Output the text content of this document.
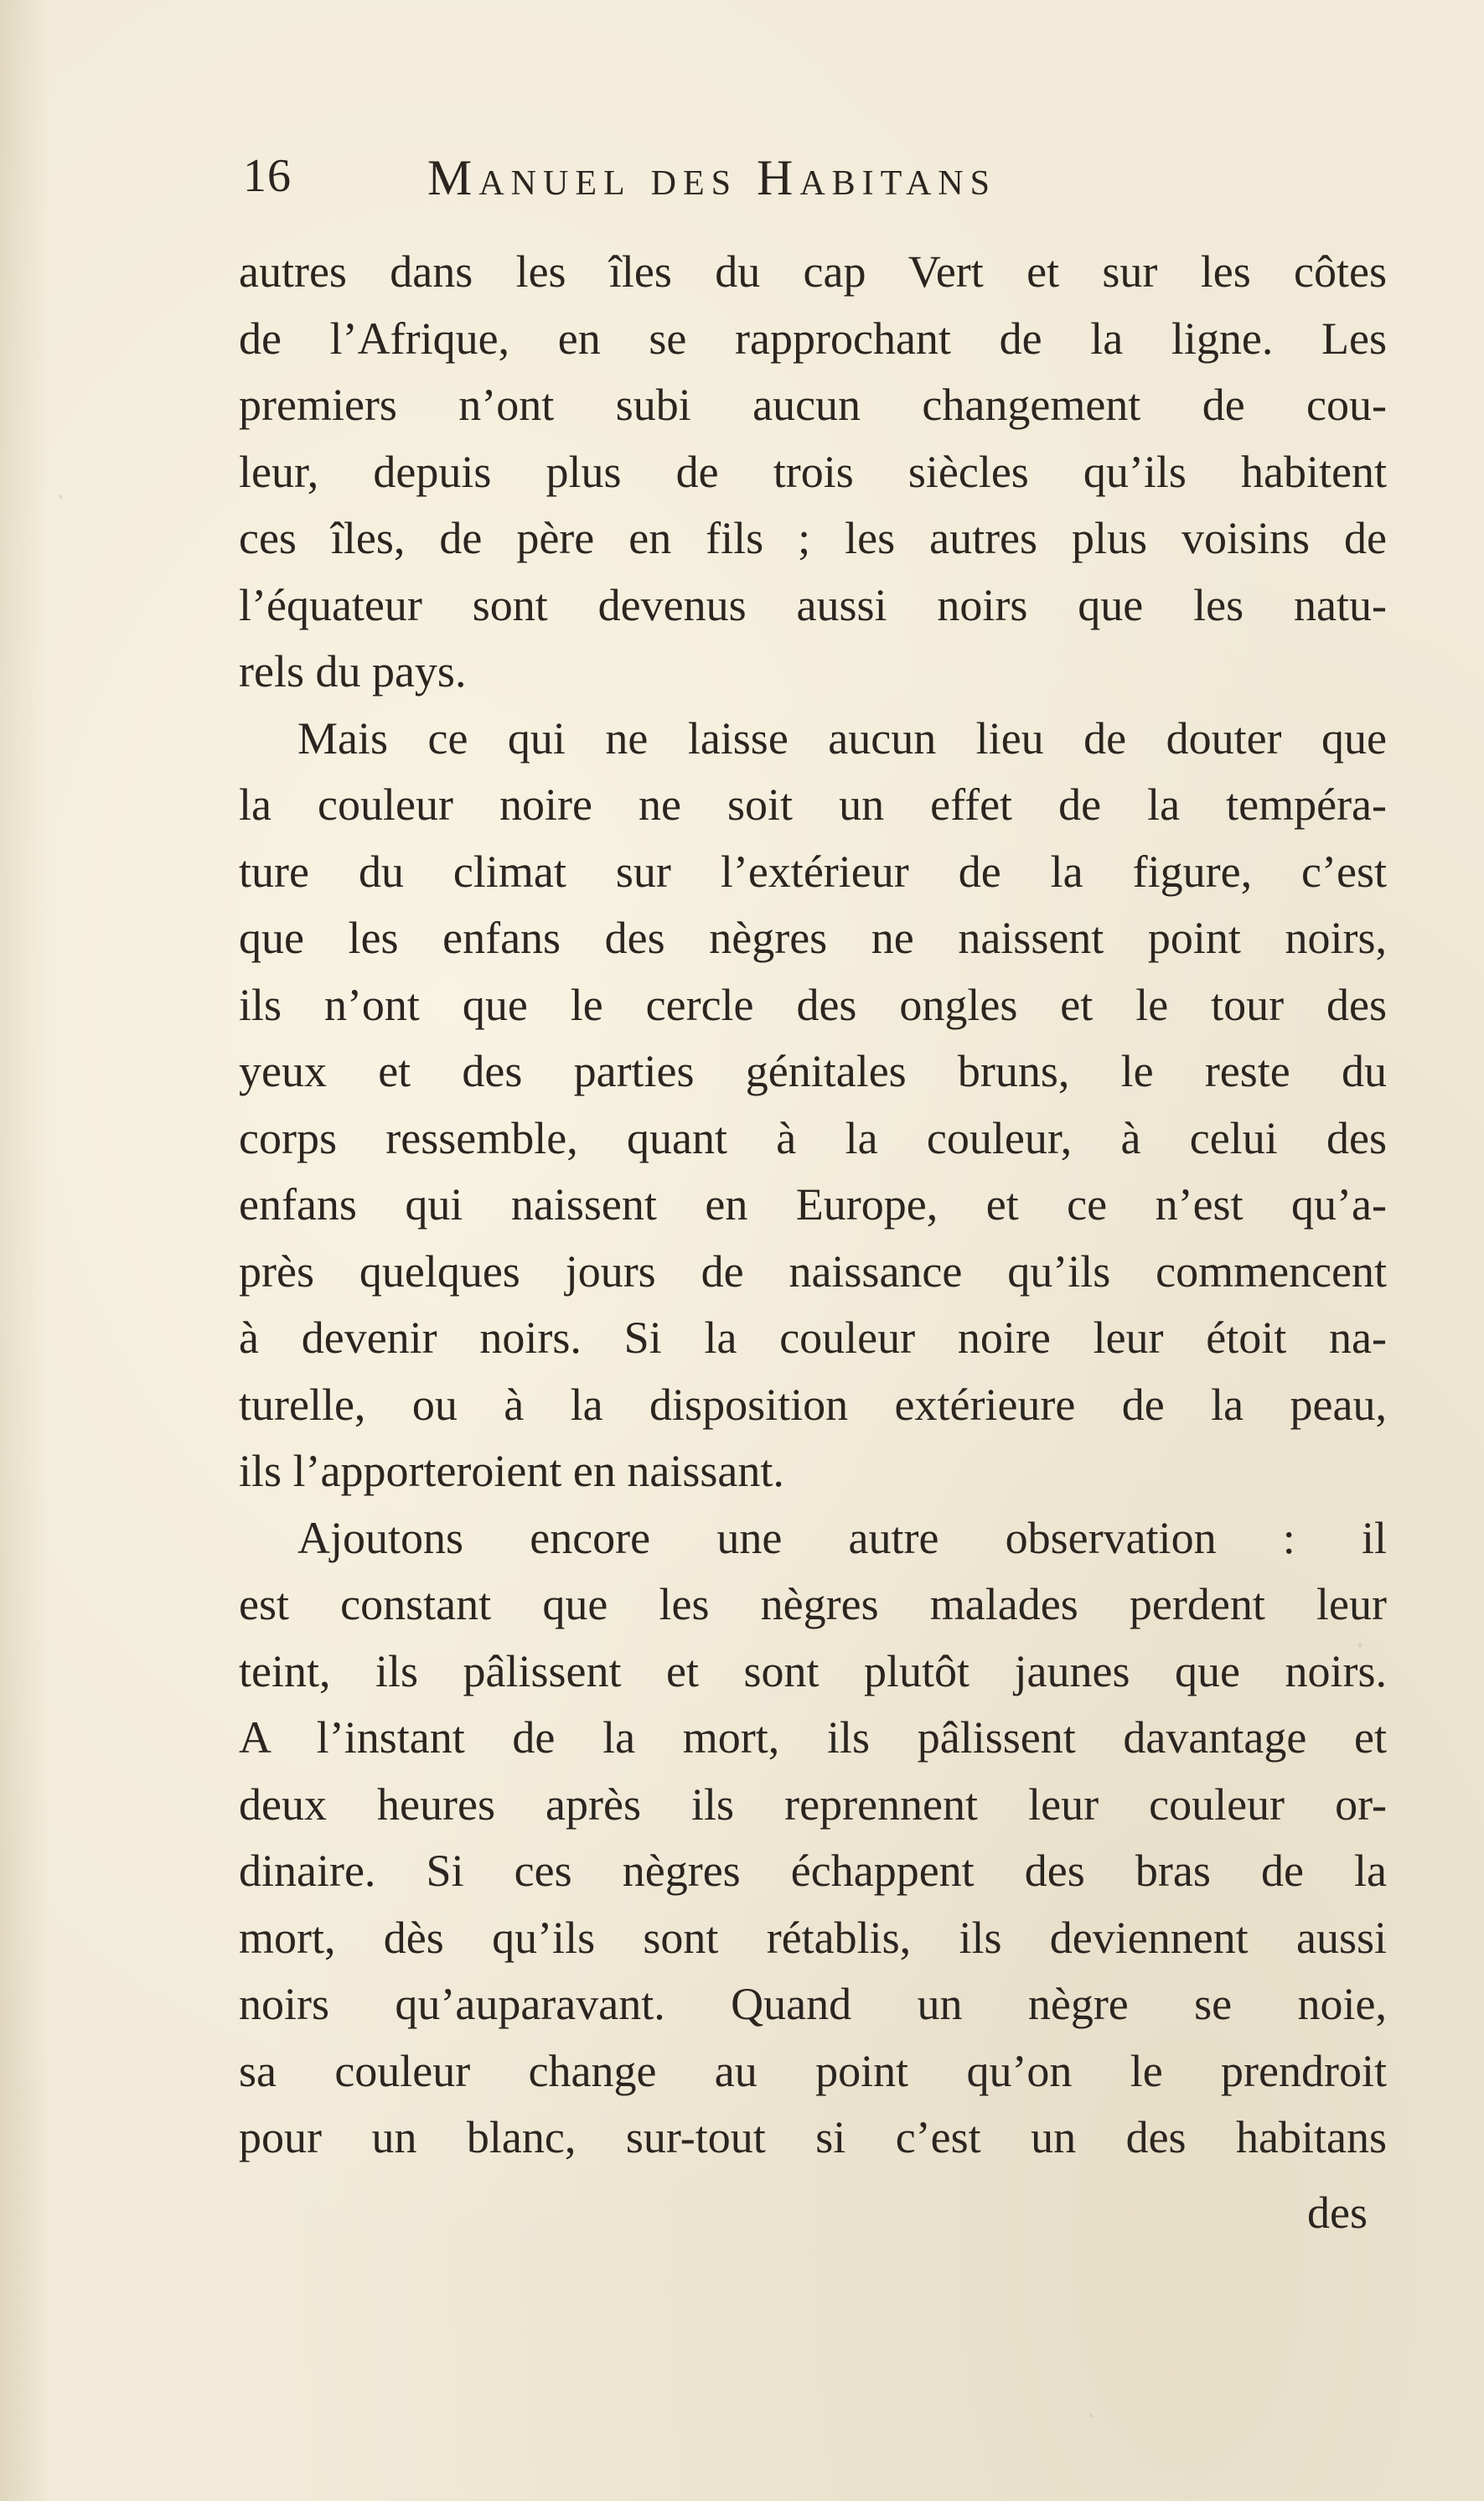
16	Manuel des Habitans
autres dans les îles du cap Vert et sur les côtes
de l’Afrique, en se rapprochant de la ligne. Les
premiers n’ont subi aucun changement de cou-
leur, depuis plus de trois siècles qu’ils habitent
ces îles, de père en fils ; les autres plus voisins de
l’équateur sont devenus aussi noirs que les natu-
rels du pays.
Mais ce qui ne laisse aucun lieu de douter que
la couleur noire ne soit un effet de la tempéra-
ture du climat sur l’extérieur de la figure, c’est
que les enfans des nègres ne naissent point noirs,
ils n’ont que le cercle des ongles et le tour des
yeux et des parties génitales bruns, le reste du
corps ressemble, quant à la couleur, à celui des
enfans qui naissent en Europe, et ce n’est qu’a-
près quelques jours de naissance qu’ils commencent
à devenir noirs. Si la couleur noire leur étoit na-
turelle, ou à la disposition extérieure de la peau,
ils l’apporteroient en naissant.
Ajoutons encore une autre observation : il
est constant que les nègres malades perdent leur
teint, ils pâlissent et sont plutôt jaunes que noirs.
A l’instant de la mort, ils pâlissent davantage et
deux heures après ils reprennent leur couleur or-
dinaire. Si ces nègres échappent des bras de la
mort, dès qu’ils sont rétablis, ils deviennent aussi
noirs qu’auparavant. Quand un nègre se noie,
sa couleur change au point qu’on le prendroit
pour un blanc, sur-tout si c’est un des habitans
des
